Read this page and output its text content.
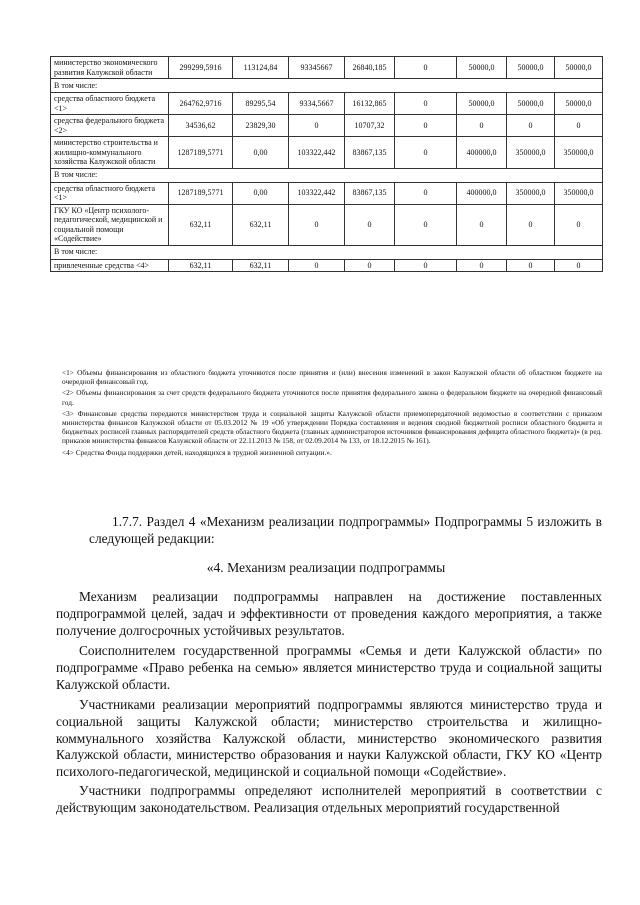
министерство экономического развития Калужской области	299299,5916	113124,84	93345667	26840,185	0	50000,0	50000,0	50000,0
В том числе:								
средства областного бюджета <1>	264762,9716	89295,54	9334,5667	16132,865	0	50000,0	50000,0	50000,0
средства федерального бюджета <2>	34536,62	23829,30	0	10707,32	0	0	0	0
министерство строительства и жилищно-коммунального хозяйства Калужской области	1287189,5771	0,00	103322,442	83867,135	0	400000,0	350000,0	350000,0
В том числе:								
средства областного бюджета <1>	1287189,5771	0,00	103322,442	83867,135	0	400000,0	350000,0	350000,0
ГКУ КО «Центр психолого-педагогической, медицинской и социальной помощи «Содействие»	632,11	632,11	0	0	0	0	0	0
В том числе:								
привлеченные средства <4>	632,11	632,11	0	0	0	0	0	0

<1> Объемы финансирования из областного бюджета уточняются после принятия и (или) внесения изменений в закон Калужской области об областном бюджете на очередной финансовый год.

<2> Объемы финансирования за счет средств федерального бюджета уточняются после принятия федерального закона о федеральном бюджете на очередной финансовый год.

<3> Финансовые средства передаются министерством труда и социальной защиты Калужской области приемопередаточной ведомостью в соответствии с приказом министерства финансов Калужской области от 05.03.2012 № 19 «Об утверждении Порядка составления и ведения сводной бюджетной росписи областного бюджета и бюджетных росписей главных распорядителей средств областного бюджета (главных администраторов источников финансирования дефицита областного бюджета)» (в ред. приказов министерства финансов Калужской области от 22.11.2013 № 158, от 02.09.2014 № 133, от 18.12.2015 № 161).

<4> Средства Фонда поддержки детей, находящихся в трудной жизненной ситуации.».

1.7.7. Раздел 4 «Механизм реализации подпрограммы» Подпрограммы 5 изложить в следующей редакции:
«4. Механизм реализации подпрограммы
Механизм реализации подпрограммы направлен на достижение поставленных подпрограммой целей, задач и эффективности от проведения каждого мероприятия, а также получение долгосрочных устойчивых результатов.
Соисполнителем государственной программы «Семья и дети Калужской области» по подпрограмме «Право ребенка на семью» является министерство труда и социальной защиты Калужской области.
Участниками реализации мероприятий подпрограммы являются министерство труда и социальной защиты Калужской области; министерство строительства и жилищно-коммунального хозяйства Калужской области, министерство экономического развития Калужской области, министерство образования и науки Калужской области, ГКУ КО «Центр психолого-педагогической, медицинской и социальной помощи «Содействие».
Участники подпрограммы определяют исполнителей мероприятий в соответствии с действующим законодательством. Реализация отдельных мероприятий государственной
